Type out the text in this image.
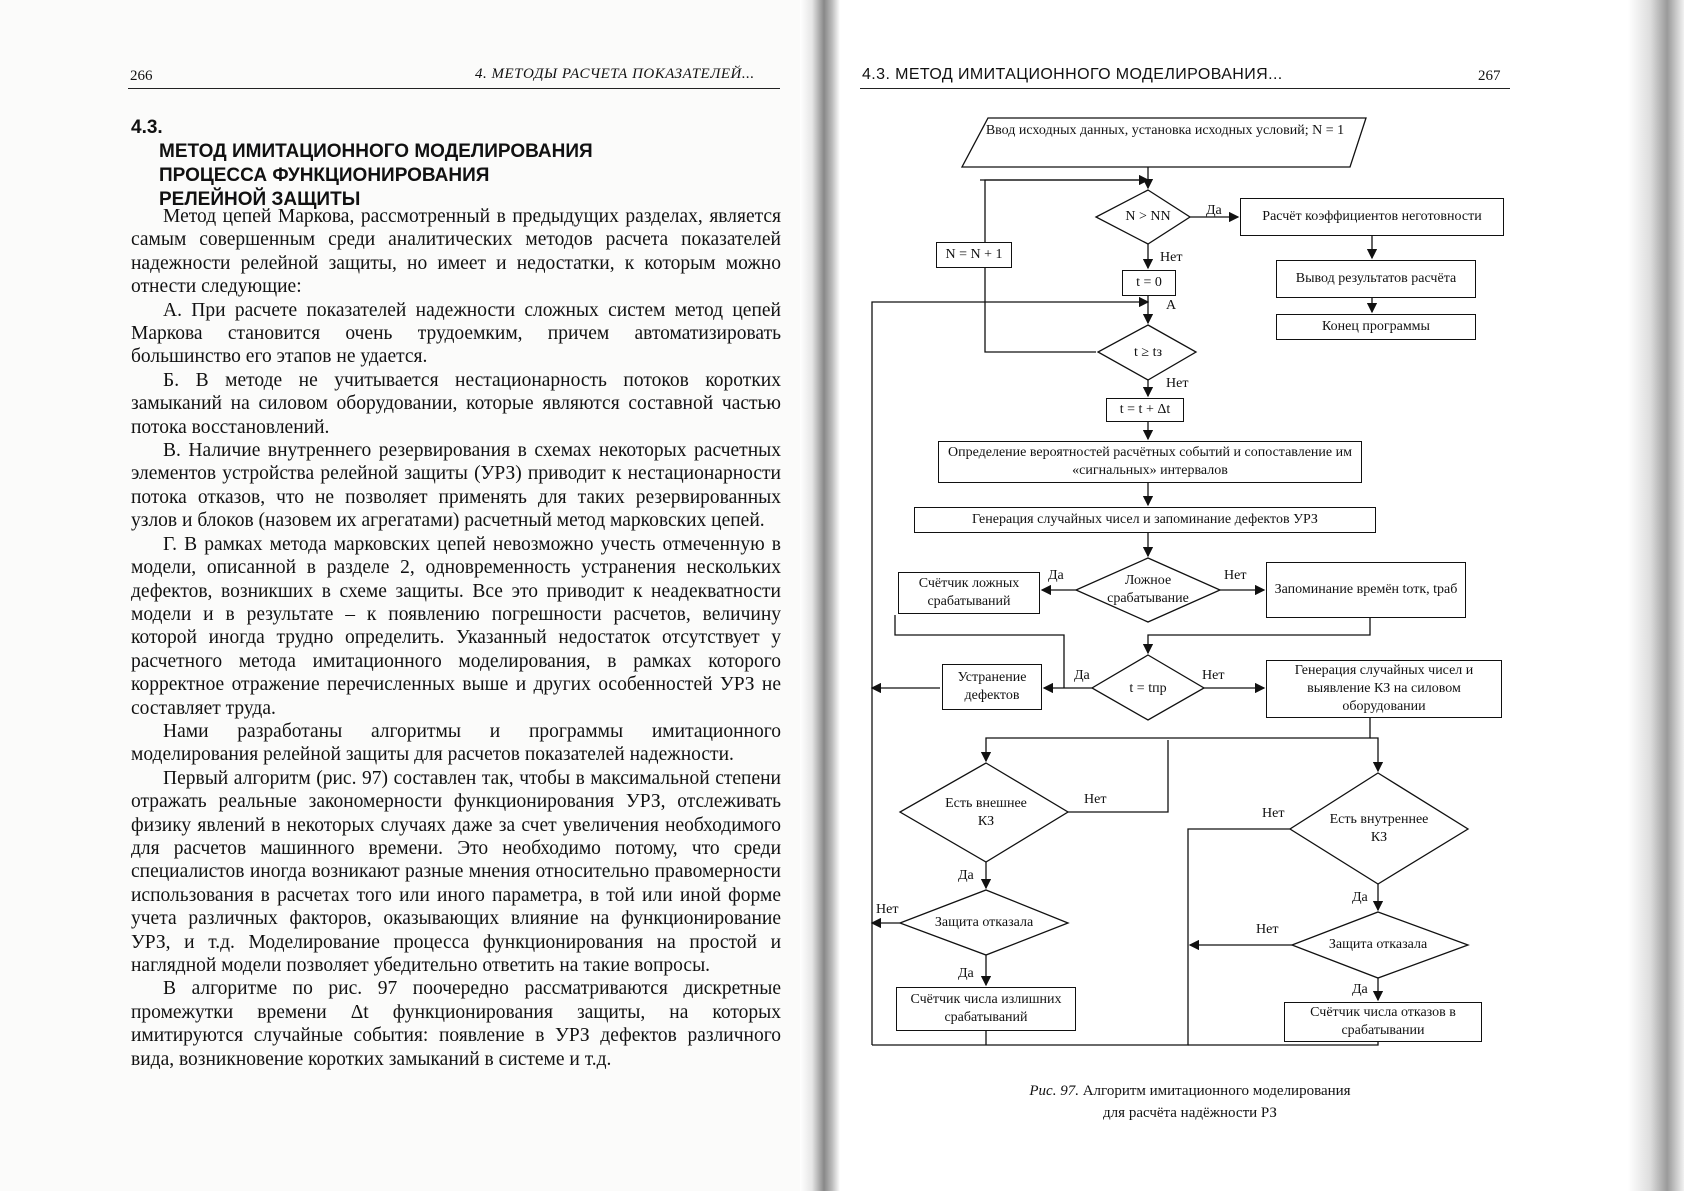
266	4. МЕТОДЫ РАСЧЕТА ПОКАЗАТЕЛЕЙ...
4.3.
МЕТОД ИМИТАЦИОННОГО МОДЕЛИРОВАНИЯ
ПРОЦЕССА ФУНКЦИОНИРОВАНИЯ
РЕЛЕЙНОЙ ЗАЩИТЫ

Метод цепей Маркова, рассмотренный в предыдущих разделах, является самым совершенным среди аналитических методов расчета показателей надежности релейной защиты, но имеет и недостатки, к которым можно отнести следующие:

А. При расчете показателей надежности сложных систем метод цепей Маркова становится очень трудоемким, причем автоматизировать большинство его этапов не удается.

Б. В методе не учитывается нестационарность потоков коротких замыканий на силовом оборудовании, которые являются составной частью потока восстановлений.

В. Наличие внутреннего резервирования в схемах некоторых расчетных элементов устройства релейной защиты (УРЗ) приводит к нестационарности потока отказов, что не позволяет применять для таких резервированных узлов и блоков (назовем их агрегатами) расчетный метод марковских цепей.

Г. В рамках метода марковских цепей невозможно учесть отмеченную в модели, описанной в разделе 2, одновременность устранения нескольких дефектов, возникших в схеме защиты. Все это приводит к неадекватности модели и в результате – к появлению погрешности расчетов, величину которой иногда трудно определить. Указанный недостаток отсутствует у расчетного метода имитационного моделирования, в рамках которого корректное отражение перечисленных выше и других особенностей УРЗ не составляет труда.

Нами разработаны алгоритмы и программы имитационного моделирования релейной защиты для расчетов показателей надежности.

Первый алгоритм (рис. 97) составлен так, чтобы в максимальной степени отражать реальные закономерности функционирования УРЗ, отслеживать физику явлений в некоторых случаях даже за счет увеличения необходимого для расчетов машинного времени. Это необходимо потому, что среди специалистов иногда возникают разные мнения относительно правомерности использования в расчетах того или иного параметра, в той или иной форме учета различных факторов, оказывающих влияние на функционирование УРЗ, и т.д. Моделирование процесса функционирования на простой и наглядной модели позволяет убедительно ответить на такие вопросы.

В алгоритме по рис. 97 поочередно рассматриваются дискретные промежутки времени Δt функционирования защиты, на которых имитируются случайные события: появление в УРЗ дефектов различного вида, возникновение коротких замыканий в системе и т.д.

4.3. МЕТОД ИМИТАЦИОННОГО МОДЕЛИРОВАНИЯ...	267
Ввод исходных данных, установка исходных условий; N = 1
N > NN	Расчёт коэффициентов неготовности
Вывод результатов расчёта
Конец программы
N = N + 1
t = 0
t ≥ tз
t = t + Δt
Определение вероятностей расчётных событий и сопоставление им «сигнальных» интервалов
Генерация случайных чисел и запоминание дефектов УРЗ
Ложное срабатывание
Счётчик ложных срабатываний
Запоминание времён tотк, tраб
t = tпр
Устранение дефектов
Генерация случайных чисел и выявление КЗ на силовом оборудовании
Есть внешнее КЗ	Есть внутреннее КЗ
Защита отказала
Защита отказала
Счётчик числа излишних срабатываний	Счётчик числа отказов в срабатывании
Да
Нет
А
Нет
Да	Нет
Да	Нет
Нет
Нет
Да
Нет
Да
Нет
Да
Да
Рис. 97. Алгоритм имитационного моделирования
для расчёта надёжности РЗ
